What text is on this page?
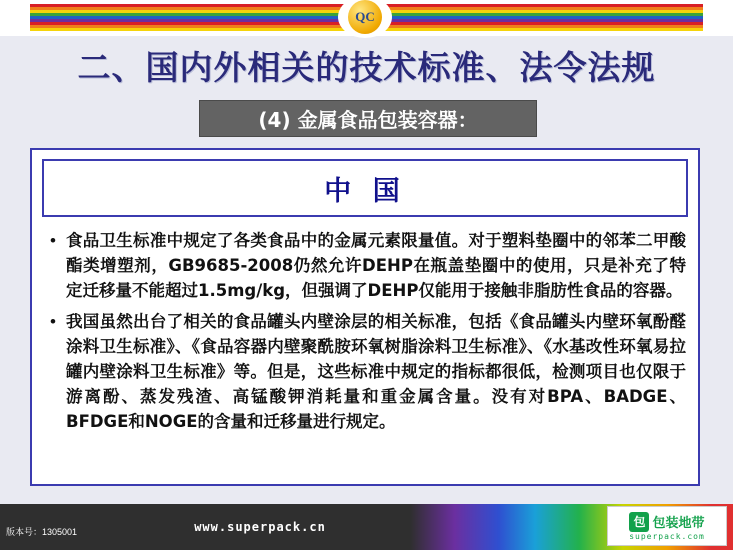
QC
二、国内外相关的技术标准、法令法规
(4) 金属食品包装容器：
中 国
• 食品卫生标准中规定了各类食品中的金属元素限量值。对于塑料垫圈中的邻苯二甲酸酯类增塑剂，GB9685-2008仍然允许DEHP在瓶盖垫圈中的使用，只是补充了特定迁移量不能超过1.5mg/kg，但强调了DEHP仅能用于接触非脂肪性食品的容器。
• 我国虽然出台了相关的食品罐头内壁涂层的相关标准，包括《食品罐头内壁环氧酚醛涂料卫生标准》、《食品容器内壁聚酰胺环氧树脂涂料卫生标准》、《水基改性环氧易拉罐内壁涂料卫生标准》等。但是，这些标准中规定的指标都很低，检测项目也仅限于游离酚、蒸发残渣、高锰酸钾消耗量和重金属含量。没有对BPA、BADGE、BFDGE和NOGE的含量和迁移量进行规定。
www.superpack.cn
版本号：1305001
包 包装地带
superpack.com
